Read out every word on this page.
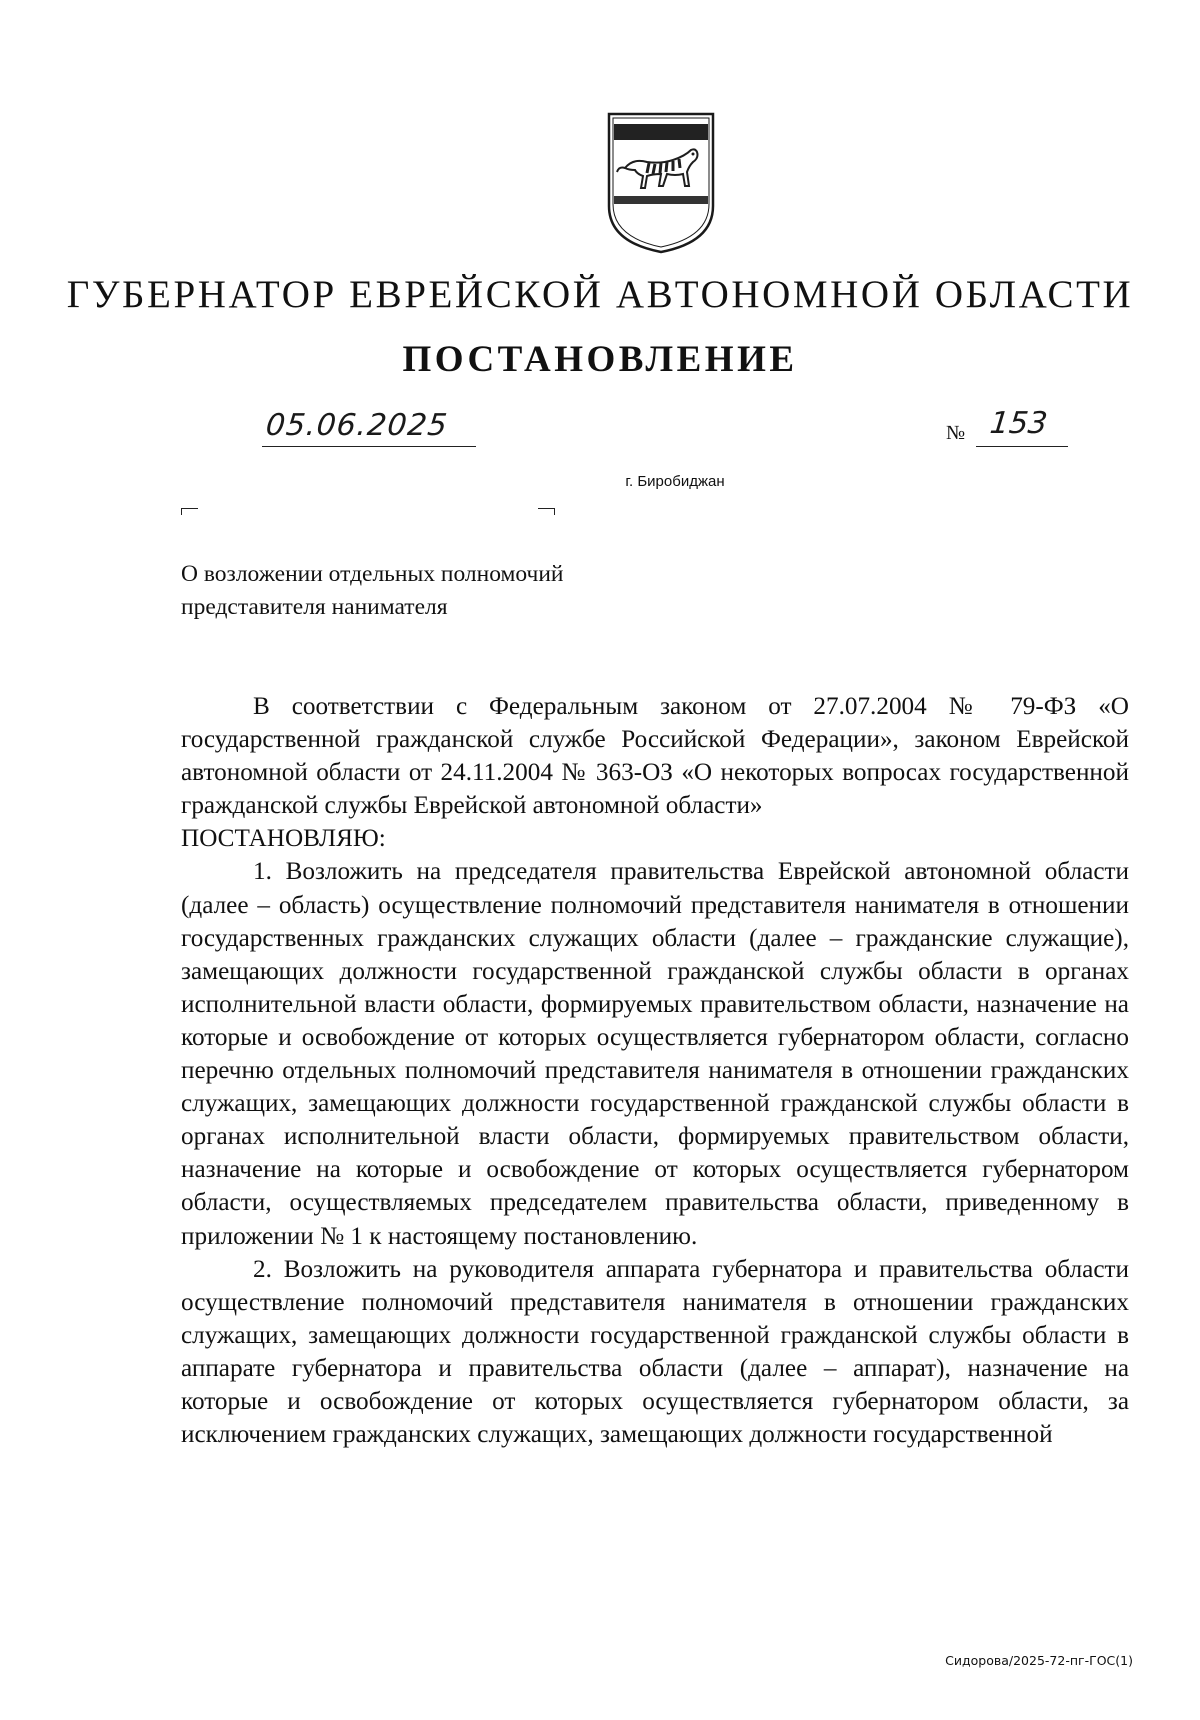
ГУБЕРНАТОР ЕВРЕЙСКОЙ АВТОНОМНОЙ ОБЛАСТИ
ПОСТАНОВЛЕНИЕ
05.06.2025	№ 153
г. Биробиджан
О возложении отдельных полномочий
представителя нанимателя

В соответствии с Федеральным законом от 27.07.2004 № 79-ФЗ «О государственной гражданской службе Российской Федерации», законом Еврейской автономной области от 24.11.2004 № 363-ОЗ «О некоторых вопросах государственной гражданской службы Еврейской автономной области»

ПОСТАНОВЛЯЮ:

1. Возложить на председателя правительства Еврейской автономной области (далее – область) осуществление полномочий представителя нанимателя в отношении государственных гражданских служащих области (далее – гражданские служащие), замещающих должности государственной гражданской службы области в органах исполнительной власти области, формируемых правительством области, назначение на которые и освобождение от которых осуществляется губернатором области, согласно перечню отдельных полномочий представителя нанимателя в отношении гражданских служащих, замещающих должности государственной гражданской службы области в органах исполнительной власти области, формируемых правительством области, назначение на которые и освобождение от которых осуществляется губернатором области, осуществляемых председателем правительства области, приведенному в приложении № 1 к настоящему постановлению.

2. Возложить на руководителя аппарата губернатора и правительства области осуществление полномочий представителя нанимателя в отношении гражданских служащих, замещающих должности государственной гражданской службы области в аппарате губернатора и правительства области (далее – аппарат), назначение на которые и освобождение от которых осуществляется губернатором области, за исключением гражданских служащих, замещающих должности государственной

Сидорова/2025-72-пг-ГОС(1)
